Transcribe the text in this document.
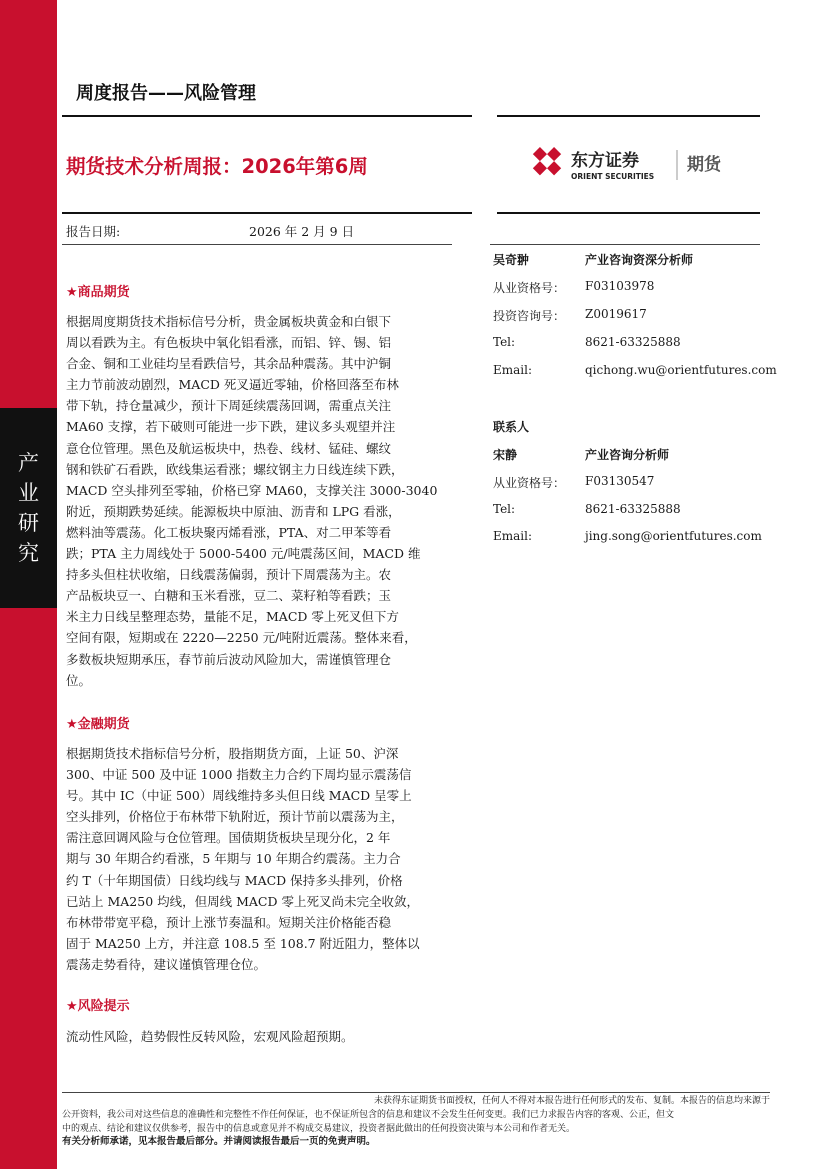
产
业
研
究
周度报告——风险管理
期货技术分析周报：2026年第6周	东方证券
ORIENT SECURITIES
期货
报告日期:	2026 年 2 月 9 日
★商品期货
根据周度期货技术指标信号分析，贵金属板块黄金和白银下
周以看跌为主。有色板块中氧化铝看涨，而铝、锌、锡、铝
合金、铜和工业硅均呈看跌信号，其余品种震荡。其中沪铜
主力节前波动剧烈，MACD 死叉逼近零轴，价格回落至布林
带下轨，持仓量减少，预计下周延续震荡回调，需重点关注
MA60 支撑，若下破则可能进一步下跌，建议多头观望并注
意仓位管理。黑色及航运板块中，热卷、线材、锰硅、螺纹
钢和铁矿石看跌，欧线集运看涨；螺纹钢主力日线连续下跌，
MACD 空头排列至零轴，价格已穿 MA60，支撑关注 3000-3040
附近，预期跌势延续。能源板块中原油、沥青和 LPG 看涨，
燃料油等震荡。化工板块聚丙烯看涨，PTA、对二甲苯等看
跌；PTA 主力周线处于 5000-5400 元/吨震荡区间，MACD 维
持多头但柱状收缩，日线震荡偏弱，预计下周震荡为主。农
产品板块豆一、白糖和玉米看涨，豆二、菜籽粕等看跌；玉
米主力日线呈整理态势，量能不足，MACD 零上死叉但下方
空间有限，短期或在 2220—2250 元/吨附近震荡。整体来看，
多数板块短期承压，春节前后波动风险加大，需谨慎管理仓
位。
★金融期货
根据期货技术指标信号分析，股指期货方面，上证 50、沪深
300、中证 500 及中证 1000 指数主力合约下周均显示震荡信
号。其中 IC（中证 500）周线维持多头但日线 MACD 呈零上
空头排列，价格位于布林带下轨附近，预计节前以震荡为主，
需注意回调风险与仓位管理。国债期货板块呈现分化，2 年
期与 30 年期合约看涨，5 年期与 10 年期合约震荡。主力合
约 T（十年期国债）日线均线与 MACD 保持多头排列，价格
已站上 MA250 均线，但周线 MACD 零上死叉尚未完全收敛，
布林带带宽平稳，预计上涨节奏温和。短期关注价格能否稳
固于 MA250 上方，并注意 108.5 至 108.7 附近阻力，整体以
震荡走势看待，建议谨慎管理仓位。
★风险提示
流动性风险，趋势假性反转风险，宏观风险超预期。
吴奇翀	产业咨询资深分析师
从业资格号： F03103978
投资咨询号： Z0019617
Tel:	8621-63325888
Email:	qichong.wu@orientfutures.com
联系人
宋静	产业咨询分析师
从业资格号： F03130547
Tel:	8621-63325888
Email:	jing.song@orientfutures.com
未获得东证期货书面授权，任何人不得对本报告进行任何形式的发布、复制。本报告的信息均来源于
公开资料，我公司对这些信息的准确性和完整性不作任何保证，也不保证所包含的信息和建议不会发生任何变更。我们已力求报告内容的客观、公正，但文
中的观点、结论和建议仅供参考，报告中的信息或意见并不构成交易建议，投资者据此做出的任何投资决策与本公司和作者无关。
有关分析师承诺，见本报告最后部分。并请阅读报告最后一页的免责声明。
